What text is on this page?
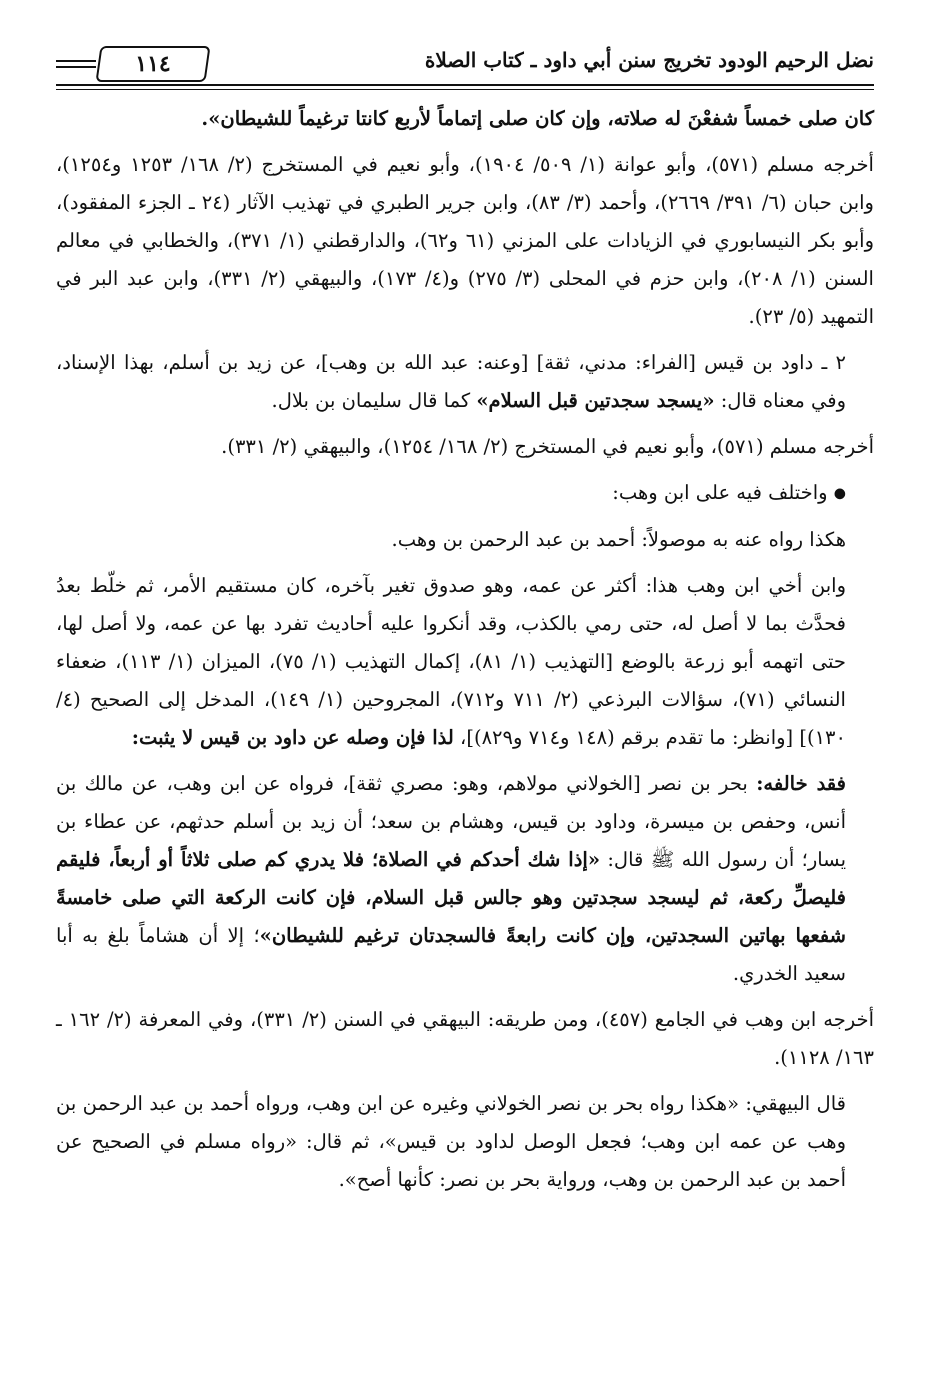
نضل الرحيم الودود تخريج سنن أبي داود ـ كتاب الصلاة
١١٤

كان صلى خمساً شفعْنَ له صلاته، وإن كان صلى إتماماً لأربع كانتا ترغيماً للشيطان».

أخرجه مسلم (٥٧١)، وأبو عوانة (١/ ٥٠٩/ ١٩٠٤)، وأبو نعيم في المستخرج (٢/ ١٦٨/ ١٢٥٣ و١٢٥٤)، وابن حبان (٦/ ٣٩١/ ٢٦٦٩)، وأحمد (٣/ ٨٣)، وابن جرير الطبري في تهذيب الآثار (٢٤ ـ الجزء المفقود)، وأبو بكر النيسابوري في الزيادات على المزني (٦١ و٦٢)، والدارقطني (١/ ٣٧١)، والخطابي في معالم السنن (١/ ٢٠٨)، وابن حزم في المحلى (٣/ ٢٧٥) و(٤/ ١٧٣)، والبيهقي (٢/ ٣٣١)، وابن عبد البر في التمهيد (٥/ ٢٣).

٢ ـ داود بن قيس [الفراء: مدني، ثقة] [وعنه: عبد الله بن وهب]، عن زيد بن أسلم، بهذا الإسناد، وفي معناه قال: «يسجد سجدتين قبل السلام» كما قال سليمان بن بلال.

أخرجه مسلم (٥٧١)، وأبو نعيم في المستخرج (٢/ ١٦٨/ ١٢٥٤)، والبيهقي (٢/ ٣٣١).

● واختلف فيه على ابن وهب:

هكذا رواه عنه به موصولاً: أحمد بن عبد الرحمن بن وهب.

وابن أخي ابن وهب هذا: أكثر عن عمه، وهو صدوق تغير بآخره، كان مستقيم الأمر، ثم خلّط بعدُ فحدَّث بما لا أصل له، حتى رمي بالكذب، وقد أنكروا عليه أحاديث تفرد بها عن عمه، ولا أصل لها، حتى اتهمه أبو زرعة بالوضع [التهذيب (١/ ٨١)، إكمال التهذيب (١/ ٧٥)، الميزان (١/ ١١٣)، ضعفاء النسائي (٧١)، سؤالات البرذعي (٢/ ٧١١ و٧١٢)، المجروحين (١/ ١٤٩)، المدخل إلى الصحيح (٤/ ١٣٠)] [وانظر: ما تقدم برقم (١٤٨ و٧١٤ و٨٢٩)]، لذا فإن وصله عن داود بن قيس لا يثبت:

فقد خالفه: بحر بن نصر [الخولاني مولاهم، وهو: مصري ثقة]، فرواه عن ابن وهب، عن مالك بن أنس، وحفص بن ميسرة، وداود بن قيس، وهشام بن سعد؛ أن زيد بن أسلم حدثهم، عن عطاء بن يسار؛ أن رسول الله ﷺ قال: «إذا شك أحدكم في الصلاة؛ فلا يدري كم صلى ثلاثاً أو أربعاً، فليقم فليصلِّ ركعة، ثم ليسجد سجدتين وهو جالس قبل السلام، فإن كانت الركعة التي صلى خامسةً شفعها بهاتين السجدتين، وإن كانت رابعةً فالسجدتان ترغيم للشيطان»؛ إلا أن هشاماً بلغ به أبا سعيد الخدري.

أخرجه ابن وهب في الجامع (٤٥٧)، ومن طريقه: البيهقي في السنن (٢/ ٣٣١)، وفي المعرفة (٢/ ١٦٢ ـ ١٦٣/ ١١٢٨).

قال البيهقي: «هكذا رواه بحر بن نصر الخولاني وغيره عن ابن وهب، ورواه أحمد بن عبد الرحمن بن وهب عن عمه ابن وهب؛ فجعل الوصل لداود بن قيس»، ثم قال: «رواه مسلم في الصحيح عن أحمد بن عبد الرحمن بن وهب، ورواية بحر بن نصر: كأنها أصح».
